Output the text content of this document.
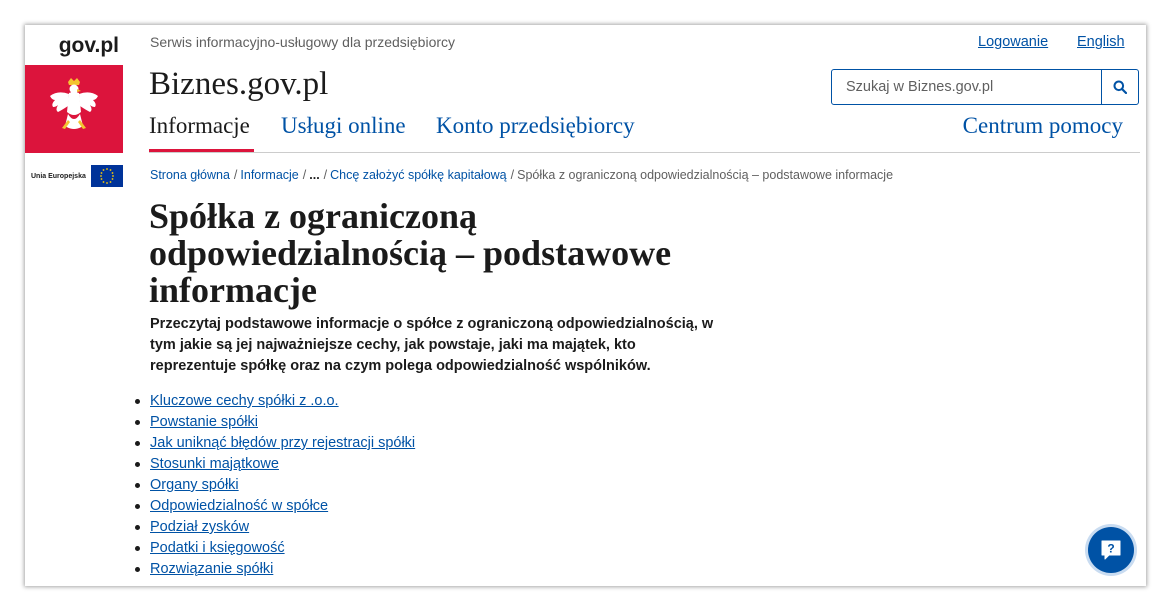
gov.pl
Unia Europejska
Serwis informacyjno-usługowy dla przedsiębiorcy	Logowanie English
Biznes.gov.pl
Szukaj w Biznes.gov.pl
Informacje Usługi online Konto przedsiębiorcy	Centrum pomocy
Strona główna / Informacje / ... / Chcę założyć spółkę kapitałową / Spółka z ograniczoną odpowiedzialnością – podstawowe informacje
Spółka z ograniczoną odpowiedzialnością – podstawowe informacje

Przeczytaj podstawowe informacje o spółce z ograniczoną odpowiedzialnością, w tym jakie są jej najważniejsze cechy, jak powstaje, jaki ma majątek, kto reprezentuje spółkę oraz na czym polega odpowiedzialność wspólników.

Kluczowe cechy spółki z .o.o.
Powstanie spółki
Jak uniknąć błędów przy rejestracji spółki
Stosunki majątkowe
Organy spółki
Odpowiedzialność w spółce
Podział zysków
Podatki i księgowość
Rozwiązanie spółki
?
